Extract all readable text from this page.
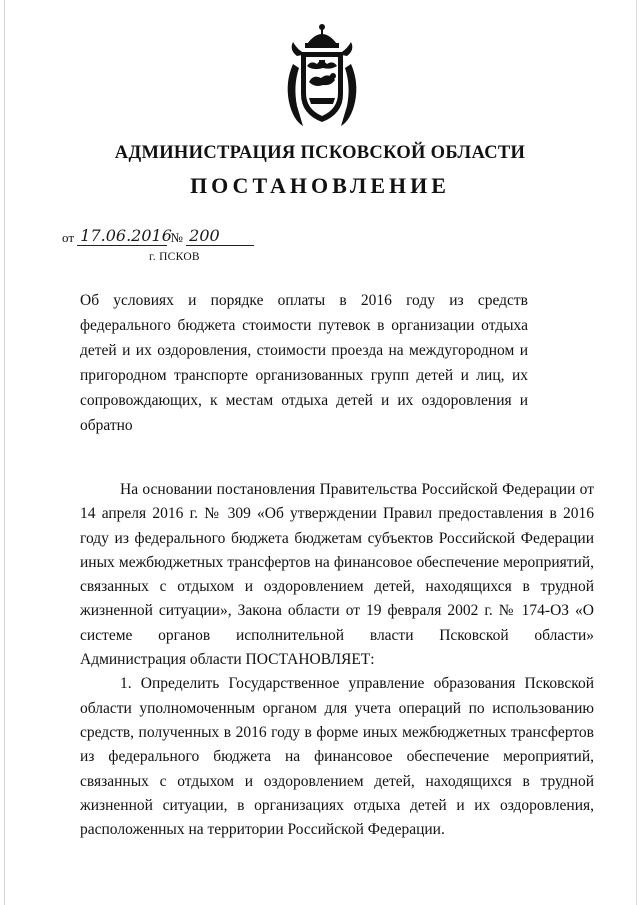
АДМИНИСТРАЦИЯ ПСКОВСКОЙ ОБЛАСТИ
ПОСТАНОВЛЕНИЕ
от 17.06.2016 № 200
г. ПСКОВ
Об условиях и порядке оплаты в 2016 году из средств федерального бюджета стоимости путевок в организации отдыха детей и их оздоровления, стоимости проезда на междугородном и пригородном транспорте организованных групп детей и лиц, их сопровождающих, к местам отдыха детей и их оздоровления и обратно

На основании постановления Правительства Российской Федерации от 14 апреля 2016 г. № 309 «Об утверждении Правил предоставления в 2016 году из федерального бюджета бюджетам субъектов Российской Федерации иных межбюджетных трансфертов на финансовое обеспечение мероприятий, связанных с отдыхом и оздоровлением детей, находящихся в трудной жизненной ситуации», Закона области от 19 февраля 2002 г. № 174-ОЗ «О системе органов исполнительной власти Псковской области» Администрация области ПОСТАНОВЛЯЕТ:

1. Определить Государственное управление образования Псковской области уполномоченным органом для учета операций по использованию средств, полученных в 2016 году в форме иных межбюджетных трансфертов из федерального бюджета на финансовое обеспечение мероприятий, связанных с отдыхом и оздоровлением детей, находящихся в трудной жизненной ситуации, в организациях отдыха детей и их оздоровления, расположенных на территории Российской Федерации.
